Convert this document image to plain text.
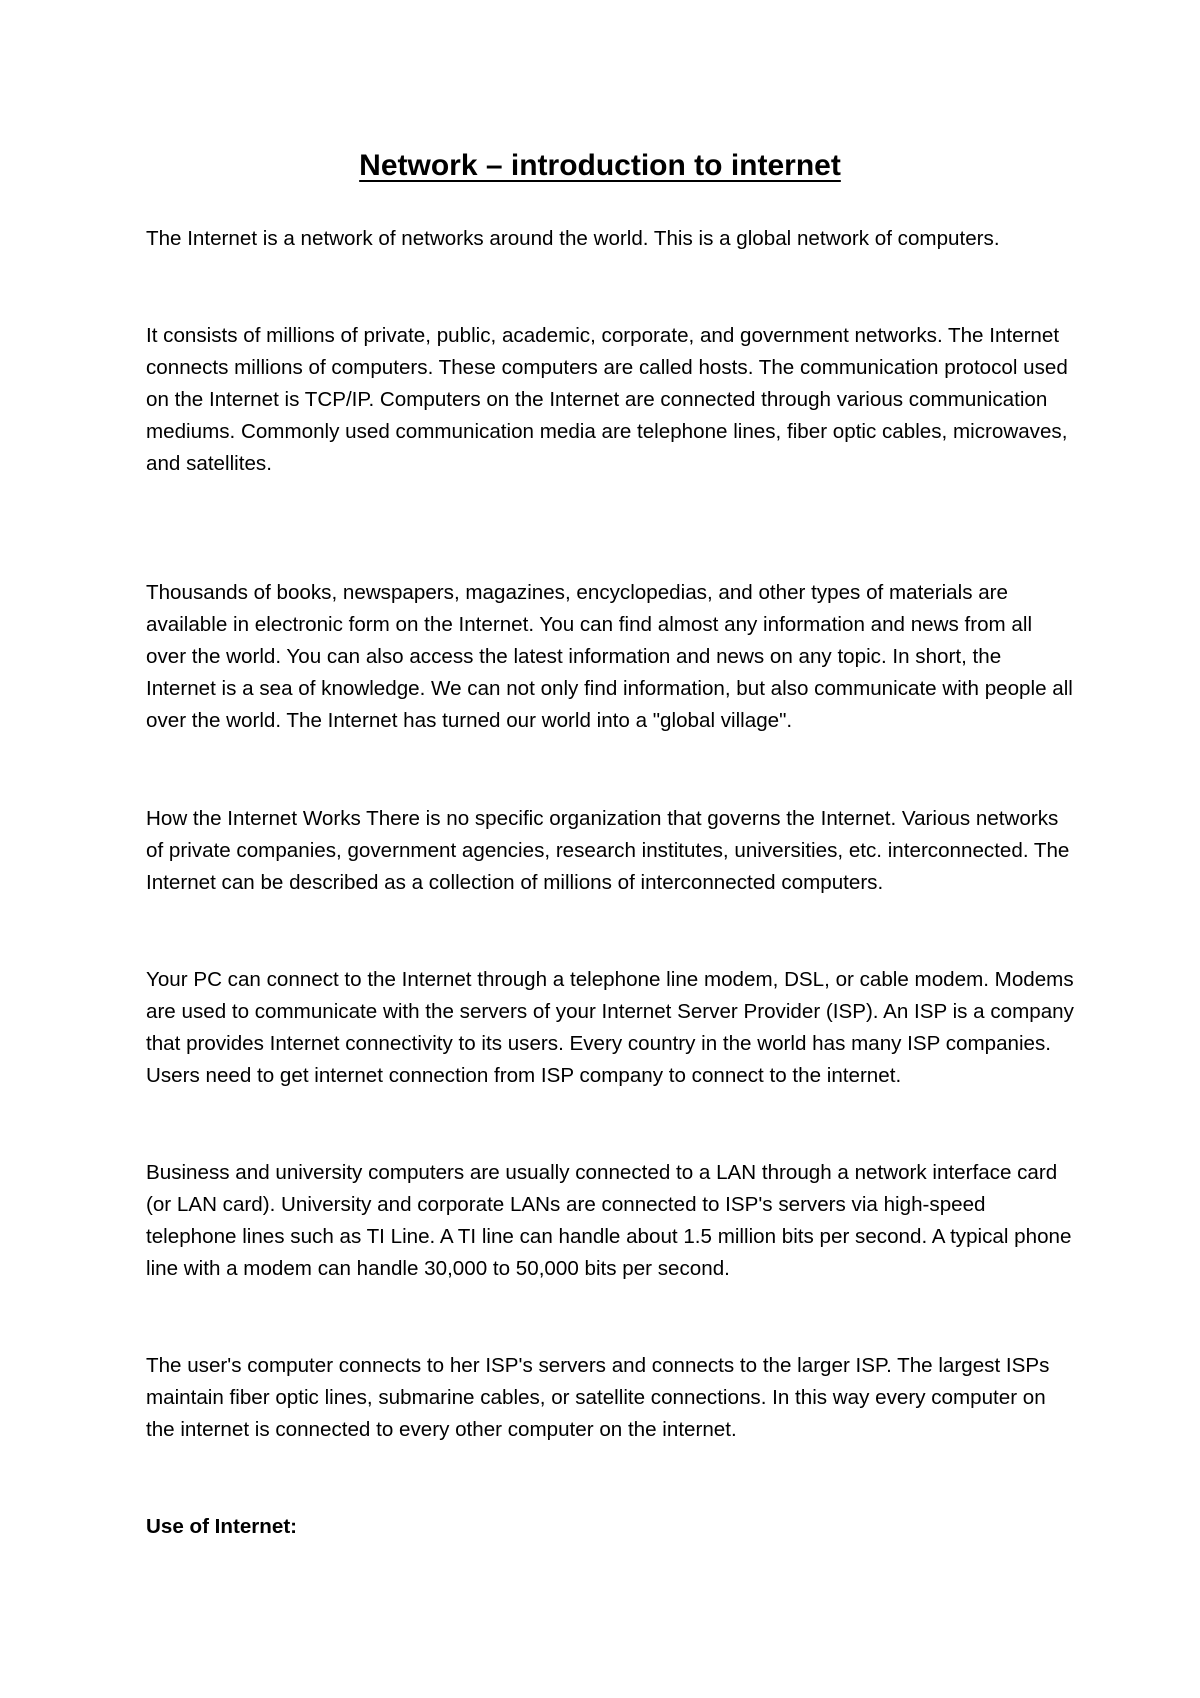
Network – introduction to internet

The Internet is a network of networks around the world. This is a global network of computers.

It consists of millions of private, public, academic, corporate, and government networks. The Internet connects millions of computers. These computers are called hosts. The communication protocol used on the Internet is TCP/IP. Computers on the Internet are connected through various communication mediums. Commonly used communication media are telephone lines, fiber optic cables, microwaves, and satellites.

Thousands of books, newspapers, magazines, encyclopedias, and other types of materials are available in electronic form on the Internet. You can find almost any information and news from all over the world. You can also access the latest information and news on any topic. In short, the Internet is a sea of knowledge. We can not only find information, but also communicate with people all over the world. The Internet has turned our world into a "global village".

How the Internet Works There is no specific organization that governs the Internet. Various networks of private companies, government agencies, research institutes, universities, etc. interconnected. The Internet can be described as a collection of millions of interconnected computers.

Your PC can connect to the Internet through a telephone line modem, DSL, or cable modem. Modems are used to communicate with the servers of your Internet Server Provider (ISP). An ISP is a company that provides Internet connectivity to its users. Every country in the world has many ISP companies. Users need to get internet connection from ISP company to connect to the internet.

Business and university computers are usually connected to a LAN through a network interface card (or LAN card). University and corporate LANs are connected to ISP's servers via high-speed telephone lines such as TI Line. A TI line can handle about 1.5 million bits per second. A typical phone line with a modem can handle 30,000 to 50,000 bits per second.

The user's computer connects to her ISP's servers and connects to the larger ISP. The largest ISPs maintain fiber optic lines, submarine cables, or satellite connections. In this way every computer on the internet is connected to every other computer on the internet.

Use of Internet:
